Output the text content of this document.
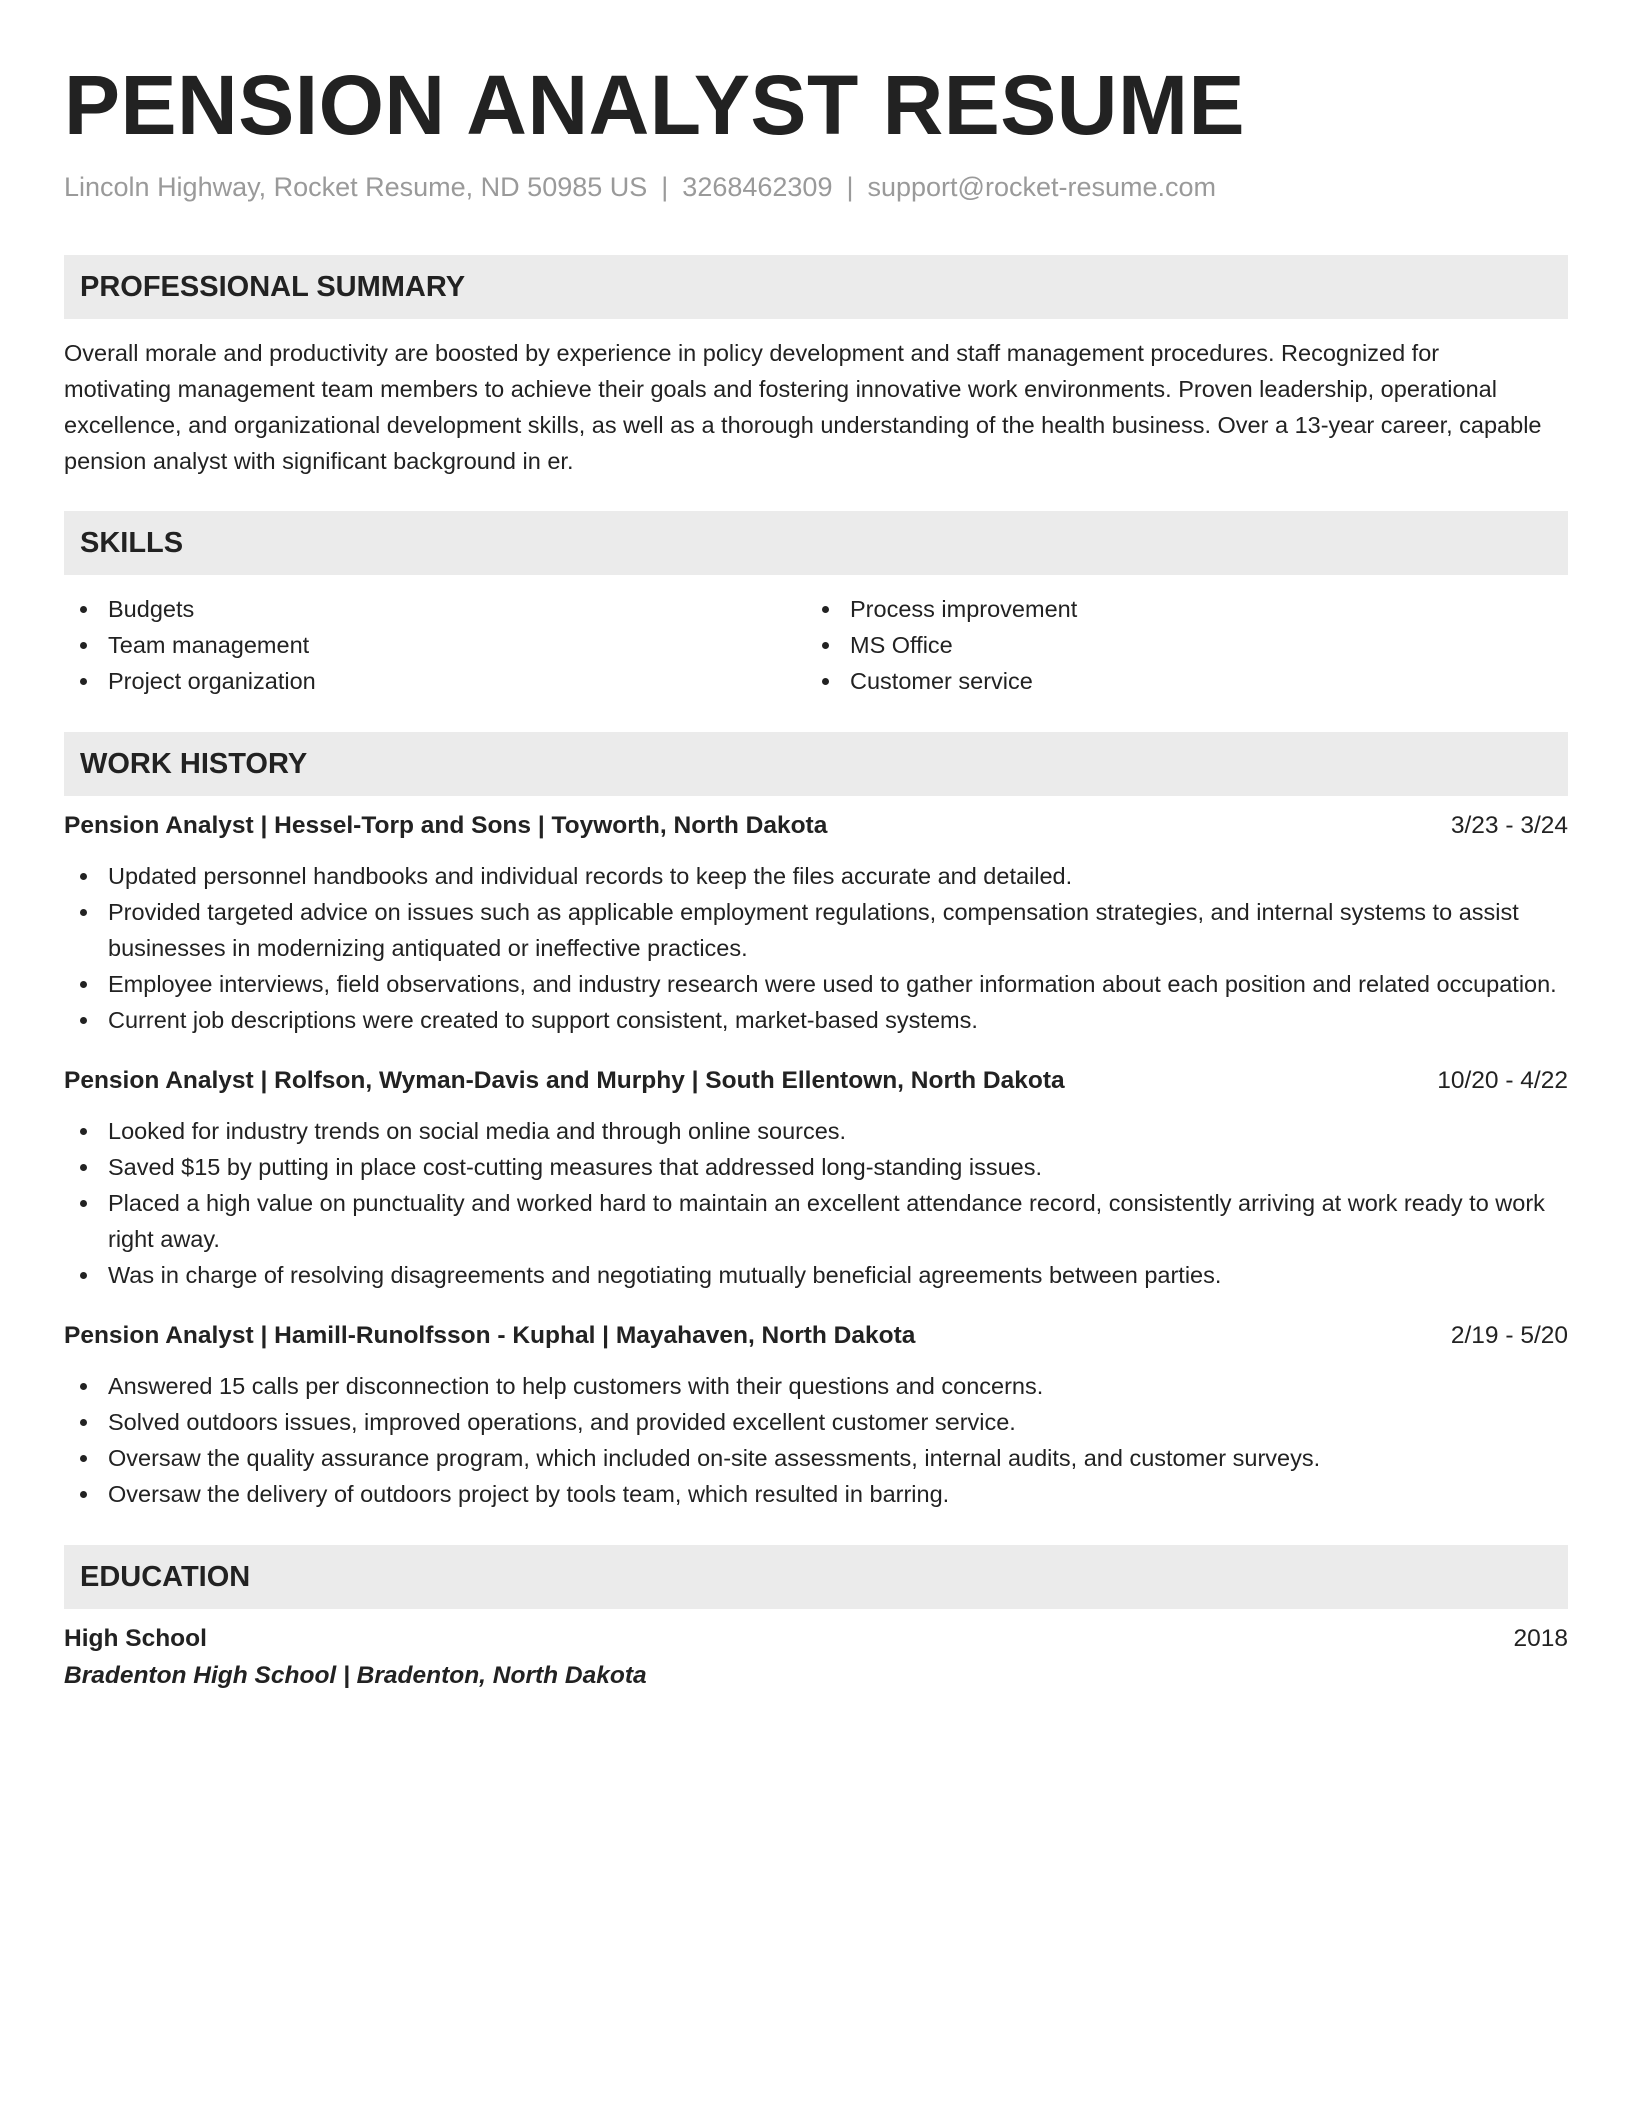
PENSION ANALYST RESUME
Lincoln Highway, Rocket Resume, ND 50985 US | 3268462309 | support@rocket-resume.com
PROFESSIONAL SUMMARY
Overall morale and productivity are boosted by experience in policy development and staff management procedures. Recognized for motivating management team members to achieve their goals and fostering innovative work environments. Proven leadership, operational excellence, and organizational development skills, as well as a thorough understanding of the health business. Over a 13-year career, capable pension analyst with significant background in er.
SKILLS
Budgets
Team management
Project organization
Process improvement
MS Office
Customer service
WORK HISTORY
Pension Analyst | Hessel-Torp and Sons | Toyworth, North Dakota	3/23 - 3/24
Updated personnel handbooks and individual records to keep the files accurate and detailed.
Provided targeted advice on issues such as applicable employment regulations, compensation strategies, and internal systems to assist businesses in modernizing antiquated or ineffective practices.
Employee interviews, field observations, and industry research were used to gather information about each position and related occupation.
Current job descriptions were created to support consistent, market-based systems.
Pension Analyst | Rolfson, Wyman-Davis and Murphy | South Ellentown, North Dakota	10/20 - 4/22
Looked for industry trends on social media and through online sources.
Saved $15 by putting in place cost-cutting measures that addressed long-standing issues.
Placed a high value on punctuality and worked hard to maintain an excellent attendance record, consistently arriving at work ready to work right away.
Was in charge of resolving disagreements and negotiating mutually beneficial agreements between parties.
Pension Analyst | Hamill-Runolfsson - Kuphal | Mayahaven, North Dakota	2/19 - 5/20
Answered 15 calls per disconnection to help customers with their questions and concerns.
Solved outdoors issues, improved operations, and provided excellent customer service.
Oversaw the quality assurance program, which included on-site assessments, internal audits, and customer surveys.
Oversaw the delivery of outdoors project by tools team, which resulted in barring.
EDUCATION
High School	2018
Bradenton High School | Bradenton, North Dakota
